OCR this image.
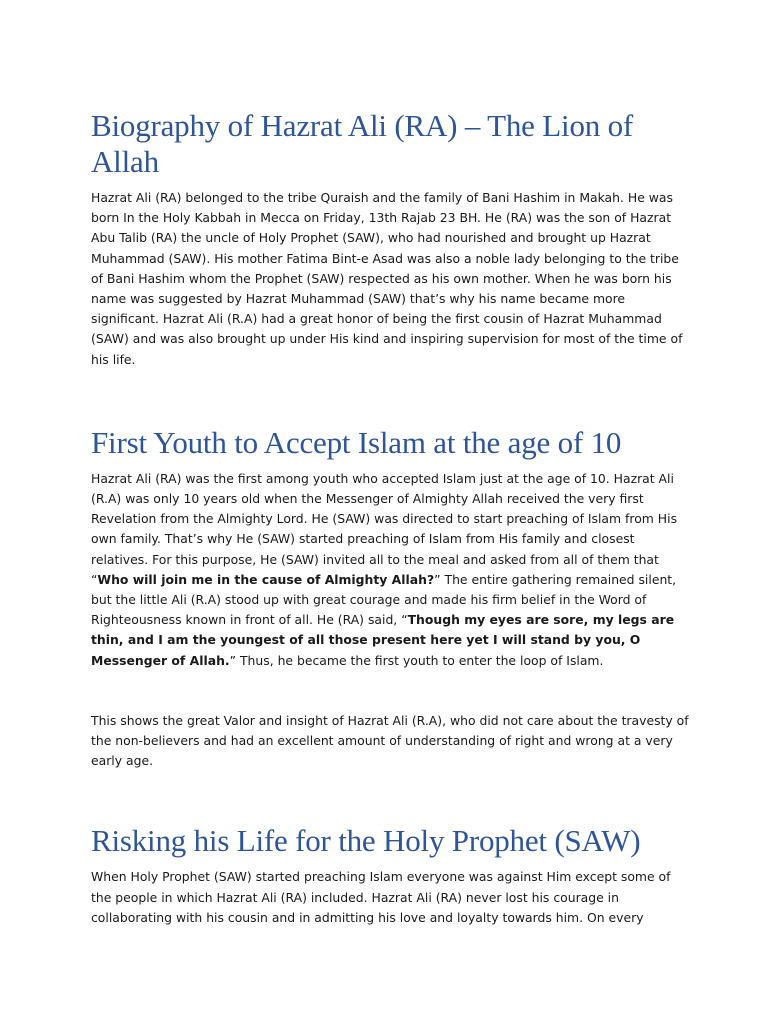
Biography of Hazrat Ali (RA) – The Lion of Allah

Hazrat Ali (RA) belonged to the tribe Quraish and the family of Bani Hashim in Makah. He was born In the Holy Kabbah in Mecca on Friday, 13th Rajab 23 BH. He (RA) was the son of Hazrat Abu Talib (RA) the uncle of Holy Prophet (SAW), who had nourished and brought up Hazrat Muhammad (SAW). His mother Fatima Bint-e Asad was also a noble lady belonging to the tribe of Bani Hashim whom the Prophet (SAW) respected as his own mother. When he was born his name was suggested by Hazrat Muhammad (SAW) that’s why his name became more significant. Hazrat Ali (R.A) had a great honor of being the first cousin of Hazrat Muhammad (SAW) and was also brought up under His kind and inspiring supervision for most of the time of his life.

First Youth to Accept Islam at the age of 10

Hazrat Ali (RA) was the first among youth who accepted Islam just at the age of 10. Hazrat Ali (R.A) was only 10 years old when the Messenger of Almighty Allah received the very first Revelation from the Almighty Lord. He (SAW) was directed to start preaching of Islam from His own family. That’s why He (SAW) started preaching of Islam from His family and closest relatives. For this purpose, He (SAW) invited all to the meal and asked from all of them that “Who will join me in the cause of Almighty Allah?” The entire gathering remained silent, but the little Ali (R.A) stood up with great courage and made his firm belief in the Word of Righteousness known in front of all. He (RA) said, “Though my eyes are sore, my legs are thin, and I am the youngest of all those present here yet I will stand by you, O Messenger of Allah.” Thus, he became the first youth to enter the loop of Islam.

This shows the great Valor and insight of Hazrat Ali (R.A), who did not care about the travesty of the non-believers and had an excellent amount of understanding of right and wrong at a very early age.

Risking his Life for the Holy Prophet (SAW)

When Holy Prophet (SAW) started preaching Islam everyone was against Him except some of the people in which Hazrat Ali (RA) included. Hazrat Ali (RA) never lost his courage in collaborating with his cousin and in admitting his love and loyalty towards him. On every
